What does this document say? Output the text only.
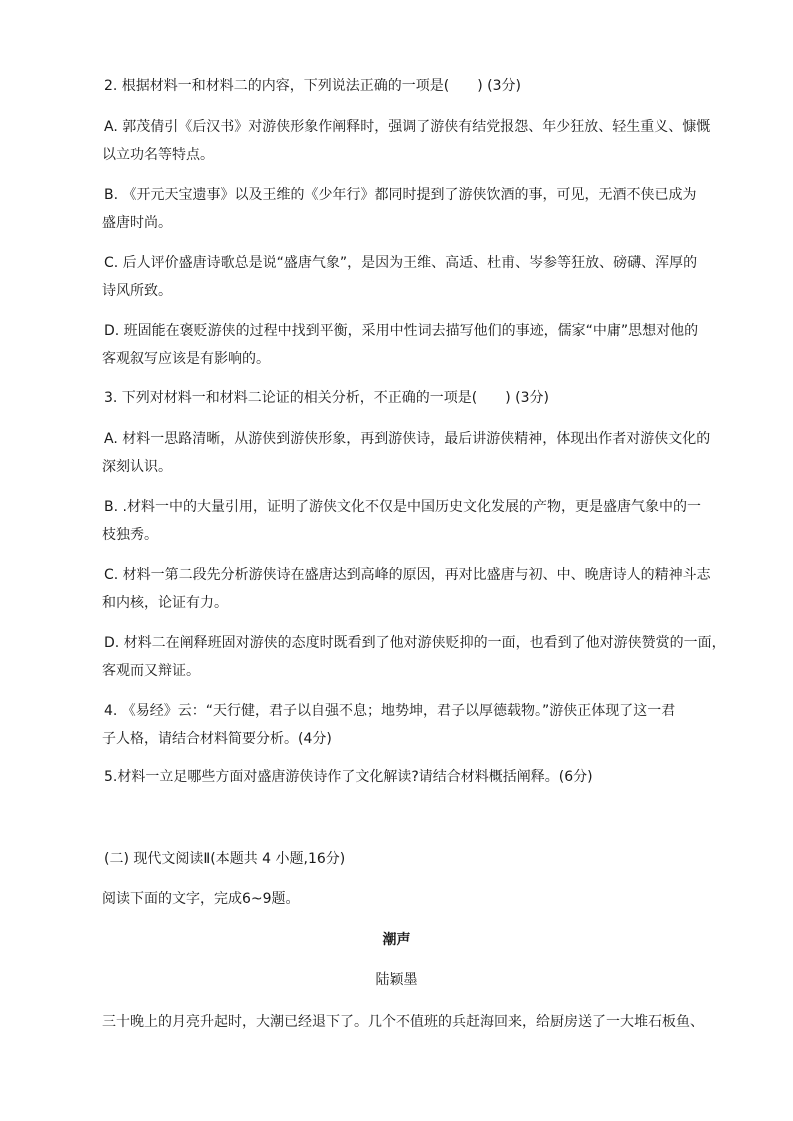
2. 根据材料一和材料二的内容，下列说法正确的一项是(　　) (3分)
A. 郭茂倩引《后汉书》对游侠形象作阐释时，强调了游侠有结党报怨、年少狂放、轻生重义、慷慨
以立功名等特点。
B. 《开元天宝遗事》以及王维的《少年行》都同时提到了游侠饮酒的事，可见，无酒不侠已成为
盛唐时尚。
C. 后人评价盛唐诗歌总是说“盛唐气象”，是因为王维、高适、杜甫、岑参等狂放、磅礴、浑厚的
诗风所致。
D. 班固能在褒贬游侠的过程中找到平衡，采用中性词去描写他们的事迹，儒家“中庸”思想对他的
客观叙写应该是有影响的。
3. 下列对材料一和材料二论证的相关分析，不正确的一项是(　　) (3分)
A. 材料一思路清晰，从游侠到游侠形象，再到游侠诗，最后讲游侠精神，体现出作者对游侠文化的
深刻认识。
B. .材料一中的大量引用，证明了游侠文化不仅是中国历史文化发展的产物，更是盛唐气象中的一
枝独秀。
C. 材料一第二段先分析游侠诗在盛唐达到高峰的原因，再对比盛唐与初、中、晚唐诗人的精神斗志
和内核，论证有力。
D. 材料二在阐释班固对游侠的态度时既看到了他对游侠贬抑的一面，也看到了他对游侠赞赏的一面，
客观而又辩证。
4. 《易经》云：“天行健，君子以自强不息；地势坤，君子以厚德载物。”游侠正体现了这一君
子人格，请结合材料简要分析。(4分)
5.材料一立足哪些方面对盛唐游侠诗作了文化解读?请结合材料概括阐释。(6分)
(二) 现代文阅读Ⅱ(本题共 4 小题,16分)
阅读下面的文字，完成6~9题。
潮声
陆颖墨
三十晚上的月亮升起时，大潮已经退下了。几个不值班的兵赶海回来，给厨房送了一大堆石板鱼、
